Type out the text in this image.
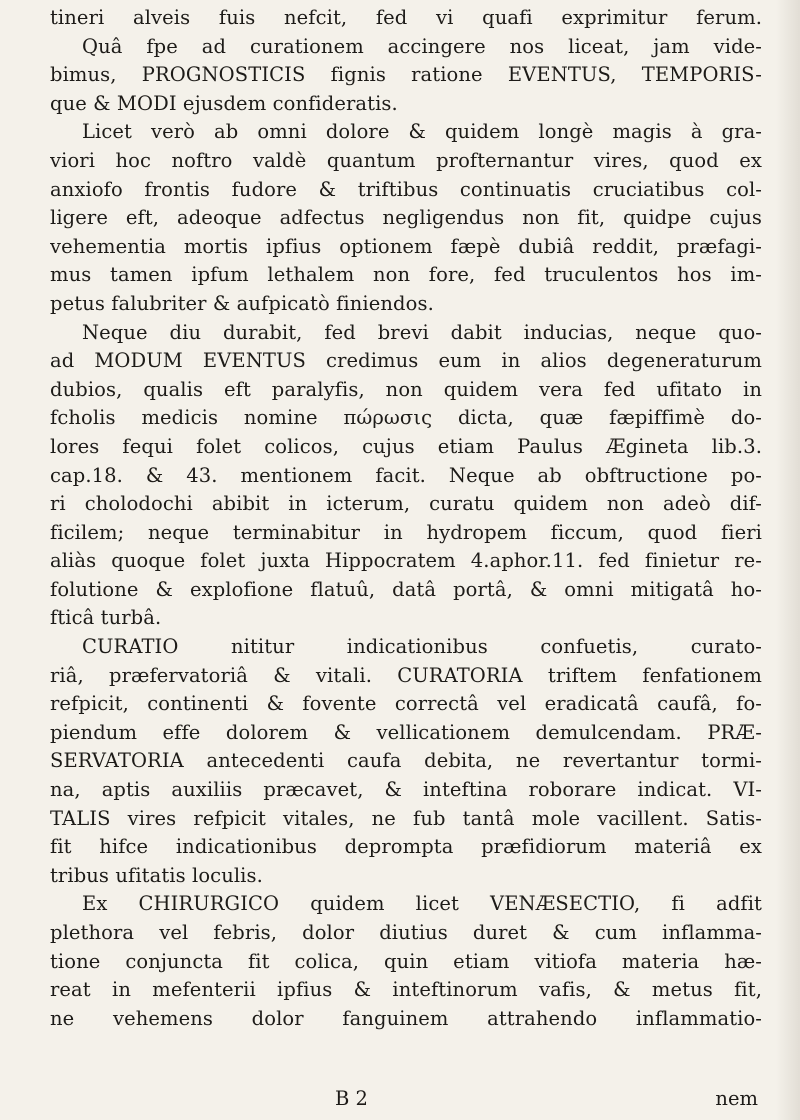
tineri alveis fuis nefcit, fed vi quafi exprimitur ferum.
Quâ fpe ad curationem accingere nos liceat, jam vide-
bimus, PROGNOSTICIS fignis ratione EVENTUS, TEMPORIS-
que & MODI ejusdem confideratis.
Licet verò ab omni dolore & quidem longè magis à gra-
viori hoc noftro valdè quantum profternantur vires, quod ex
anxiofo frontis fudore & triftibus continuatis cruciatibus col-
ligere eft, adeoque adfectus negligendus non fit, quidpe cujus
vehementia mortis ipfius optionem fæpè dubiâ reddit, præfagi-
mus tamen ipfum lethalem non fore, fed truculentos hos im-
petus falubriter & aufpicatò finiendos.
Neque diu durabit, fed brevi dabit inducias, neque quo-
ad MODUM EVENTUS credimus eum in alios degeneraturum
dubios, qualis eft paralyfis, non quidem vera fed ufitato in
fcholis medicis nomine πώρωσις dicta, quæ fæpiffimè do-
lores fequi folet colicos, cujus etiam Paulus Ægineta lib.3.
cap.18. & 43. mentionem facit. Neque ab obftructione po-
ri cholodochi abibit in icterum, curatu quidem non adeò dif-
ficilem; neque terminabitur in hydropem ficcum, quod fieri
aliàs quoque folet juxta Hippocratem 4.aphor.11. fed finietur re-
folutione & explofione flatuû, datâ portâ, & omni mitigatâ ho-
fticâ turbâ.
CURATIO nititur indicationibus confuetis, curato-
riâ, præfervatoriâ & vitali. CURATORIA triftem fenfationem
refpicit, continenti & fovente correctâ vel eradicatâ caufâ, fo-
piendum effe dolorem & vellicationem demulcendam. PRÆ-
SERVATORIA antecedenti caufa debita, ne revertantur tormi-
na, aptis auxiliis præcavet, & inteftina roborare indicat. VI-
TALIS vires refpicit vitales, ne fub tantâ mole vacillent. Satis-
fit hifce indicationibus deprompta præfidiorum materiâ ex
tribus ufitatis loculis.
Ex CHIRURGICO quidem licet VENÆSECTIO, fi adfit
plethora vel febris, dolor diutius duret & cum inflamma-
tione conjuncta fit colica, quin etiam vitiofa materia hæ-
reat in mefenterii ipfius & inteftinorum vafis, & metus fit,
ne vehemens dolor fanguinem attrahendo inflammatio-
B 2	nem
